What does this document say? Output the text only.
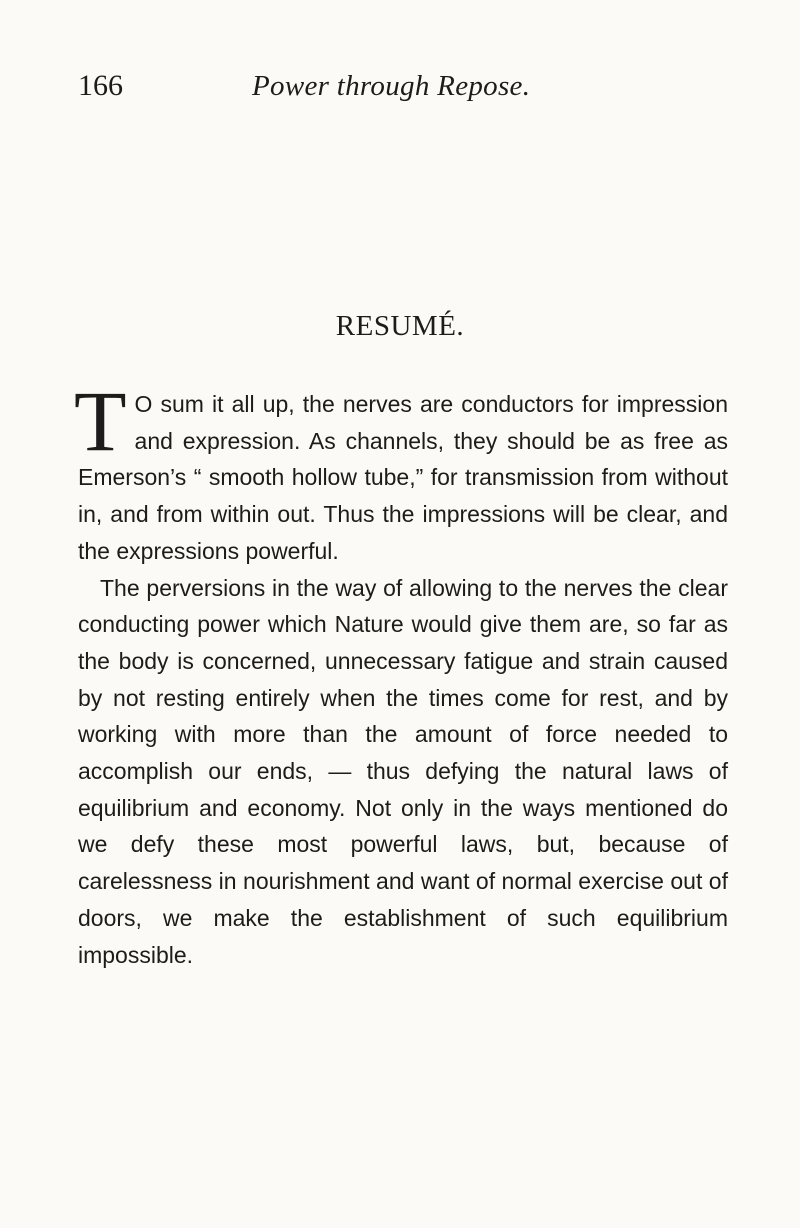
166	Power through Repose.
RESUMÉ.

T O sum it all up, the nerves are conductors for impression and expression. As channels, they should be as free as Emerson’s “ smooth hollow tube,” for transmission from without in, and from within out. Thus the impressions will be clear, and the expressions powerful.

The perversions in the way of allowing to the nerves the clear conducting power which Nature would give them are, so far as the body is concerned, unnecessary fatigue and strain caused by not resting entirely when the times come for rest, and by working with more than the amount of force needed to accomplish our ends, — thus defying the natural laws of equilibrium and economy. Not only in the ways mentioned do we defy these most powerful laws, but, because of carelessness in nourishment and want of normal exercise out of doors, we make the establishment of such equilibrium impossible.
